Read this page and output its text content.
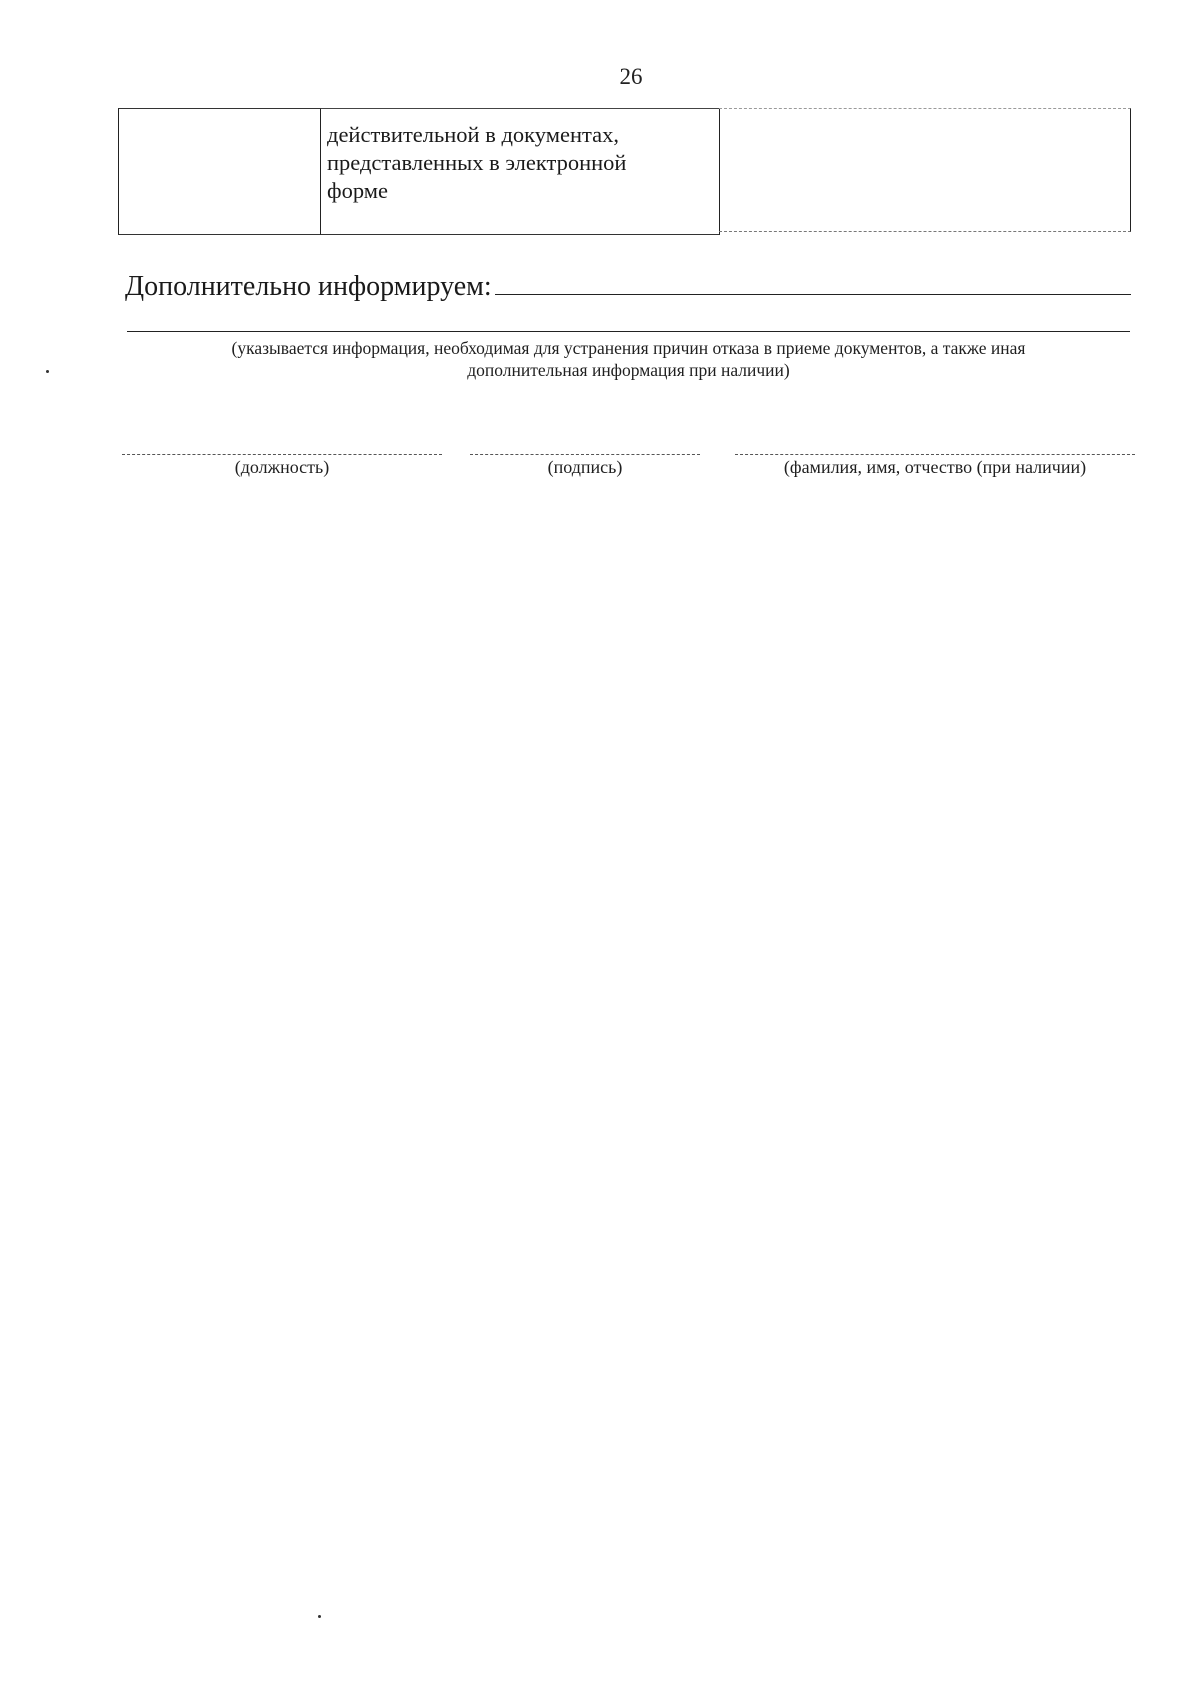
26
действительной в документах,
представленных в электронной
форме
Дополнительно информируем:
(указывается информация, необходимая для устранения причин отказа в приеме документов, а также иная
дополнительная информация при наличии)
(должность)	(подпись)	(фамилия, имя, отчество (при наличии)
